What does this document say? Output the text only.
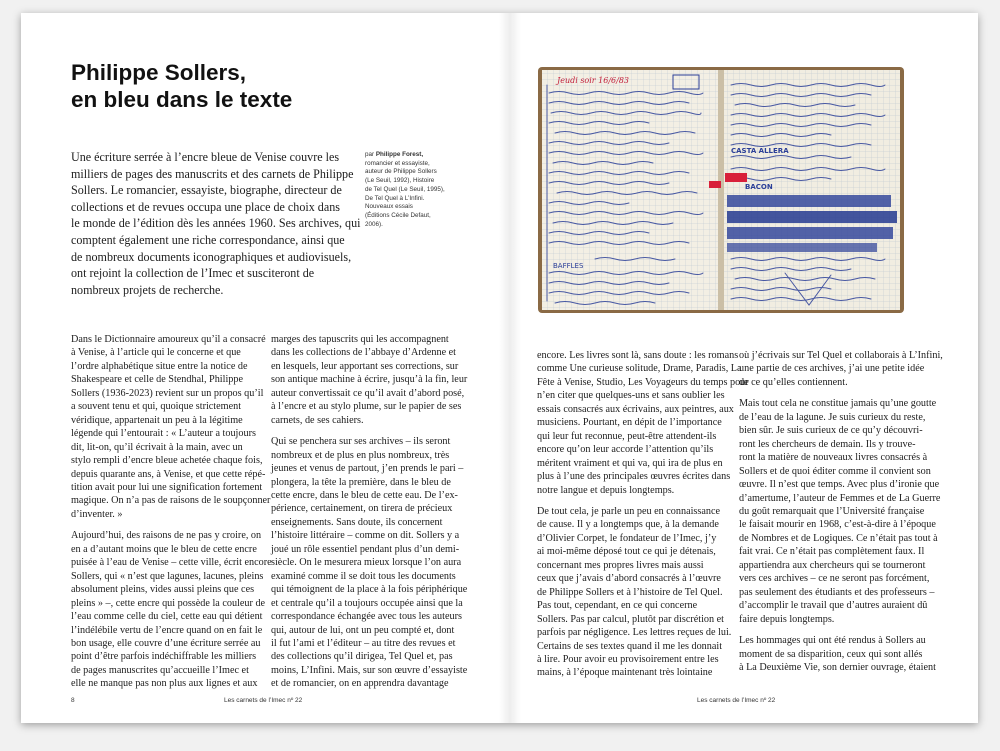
Philippe Sollers,
en bleu dans le texte
Une écriture serrée à l’encre bleue de Venise couvre les
milliers de pages des manuscrits et des carnets de Philippe
Sollers. Le romancier, essayiste, biographe, directeur de
collections et de revues occupa une place de choix dans
le monde de l’édition dès les années 1960. Ses archives, qui
comptent également une riche correspondance, ainsi que
de nombreux documents iconographiques et audiovisuels,
ont rejoint la collection de l’Imec et susciteront de
nombreux projets de recherche.
par Philippe Forest,
romancier et essayiste,
auteur de Philippe Sollers
(Le Seuil, 1992), Histoire
de Tel Quel (Le Seuil, 1995),
De Tel Quel à L’Infini.
Nouveaux essais
(Éditions Cécile Defaut,
2006).
Jeudi soir 16/6/83
BAFFLES
CASTA ALLERA
BACON
Dans le Dictionnaire amoureux qu’il a consacré
à Venise, à l’article qui le concerne et que
l’ordre alphabétique situe entre la notice de
Shakespeare et celle de Stendhal, Philippe
Sollers (1936-2023) revient sur un propos qu’il
a souvent tenu et qui, quoique strictement
véridique, appartenait un peu à la légitime
légende qui l’entourait : « L’auteur a toujours
dit, lit-on, qu’il écrivait à la main, avec un
stylo rempli d’encre bleue achetée chaque fois,
depuis quarante ans, à Venise, et que cette répé-
tition avait pour lui une signification fortement
magique. On n’a pas de raisons de le soupçonner
d’inventer. »
Aujourd’hui, des raisons de ne pas y croire, on
en a d’autant moins que le bleu de cette encre
puisée à l’eau de Venise – cette ville, écrit encore
Sollers, qui « n’est que lagunes, lacunes, pleins
absolument pleins, vides aussi pleins que ces
pleins » –, cette encre qui possède la couleur de
l’eau comme celle du ciel, cette eau qui détient
l’indélébile vertu de l’encre quand on en fait le
bon usage, elle couvre d’une écriture serrée au
point d’être parfois indéchiffrable les milliers
de pages manuscrites qu’accueille l’Imec et
elle ne manque pas non plus aux lignes et aux
marges des tapuscrits qui les accompagnent
dans les collections de l’abbaye d’Ardenne et
en lesquels, leur apportant ses corrections, sur
son antique machine à écrire, jusqu’à la fin, leur
auteur convertissait ce qu’il avait d’abord posé,
à l’encre et au stylo plume, sur le papier de ses
carnets, de ses cahiers.
Qui se penchera sur ses archives – ils seront
nombreux et de plus en plus nombreux, très
jeunes et venus de partout, j’en prends le pari –
plongera, la tête la première, dans le bleu de
cette encre, dans le bleu de cette eau. De l’ex-
périence, certainement, on tirera de précieux
enseignements. Sans doute, ils concernent
l’histoire littéraire – comme on dit. Sollers y a
joué un rôle essentiel pendant plus d’un demi-
siècle. On le mesurera mieux lorsque l’on aura
examiné comme il se doit tous les documents
qui témoignent de la place à la fois périphérique
et centrale qu’il a toujours occupée ainsi que la
correspondance échangée avec tous les auteurs
qui, autour de lui, ont un peu compté et, dont
il fut l’ami et l’éditeur – au titre des revues et
des collections qu’il dirigea, Tel Quel et, pas
moins, L’Infini. Mais, sur son œuvre d’essayiste
et de romancier, on en apprendra davantage
encore. Les livres sont là, sans doute : les romans
comme Une curieuse solitude, Drame, Paradis, La
Fête à Venise, Studio, Les Voyageurs du temps pour
n’en citer que quelques-uns et sans oublier les
essais consacrés aux écrivains, aux peintres, aux
musiciens. Pourtant, en dépit de l’importance
qui leur fut reconnue, peut-être attendent-ils
encore qu’on leur accorde l’attention qu’ils
méritent vraiment et qui va, qui ira de plus en
plus à l’une des principales œuvres écrites dans
notre langue et depuis longtemps.
De tout cela, je parle un peu en connaissance
de cause. Il y a longtemps que, à la demande
d’Olivier Corpet, le fondateur de l’Imec, j’y
ai moi-même déposé tout ce qui je détenais,
concernant mes propres livres mais aussi
ceux que j’avais d’abord consacrés à l’œuvre
de Philippe Sollers et à l’histoire de Tel Quel.
Pas tout, cependant, en ce qui concerne
Sollers. Pas par calcul, plutôt par discrétion et
parfois par négligence. Les lettres reçues de lui.
Certains de ses textes quand il me les donnait
à lire. Pour avoir eu provisoirement entre les
mains, à l’époque maintenant très lointaine
où j’écrivais sur Tel Quel et collaborais à L’Infini,
une partie de ces archives, j’ai une petite idée
de ce qu’elles contiennent.
Mais tout cela ne constitue jamais qu’une goutte
de l’eau de la lagune. Je suis curieux du reste,
bien sûr. Je suis curieux de ce qu’y découvri-
ront les chercheurs de demain. Ils y trouve-
ront la matière de nouveaux livres consacrés à
Sollers et de quoi éditer comme il convient son
œuvre. Il n’est que temps. Avec plus d’ironie que
d’amertume, l’auteur de Femmes et de La Guerre
du goût remarquait que l’Université française
le faisait mourir en 1968, c’est-à-dire à l’époque
de Nombres et de Logiques. Ce n’était pas tout à
fait vrai. Ce n’était pas complètement faux. Il
appartiendra aux chercheurs qui se tourneront
vers ces archives – ce ne seront pas forcément,
pas seulement des étudiants et des professeurs –
d’accomplir le travail que d’autres auraient dû
faire depuis longtemps.
Les hommages qui ont été rendus à Sollers au
moment de sa disparition, ceux qui sont allés
à La Deuxième Vie, son dernier ouvrage, étaient
8	Les carnets de l’Imec nº 22	Les carnets de l’Imec nº 22
